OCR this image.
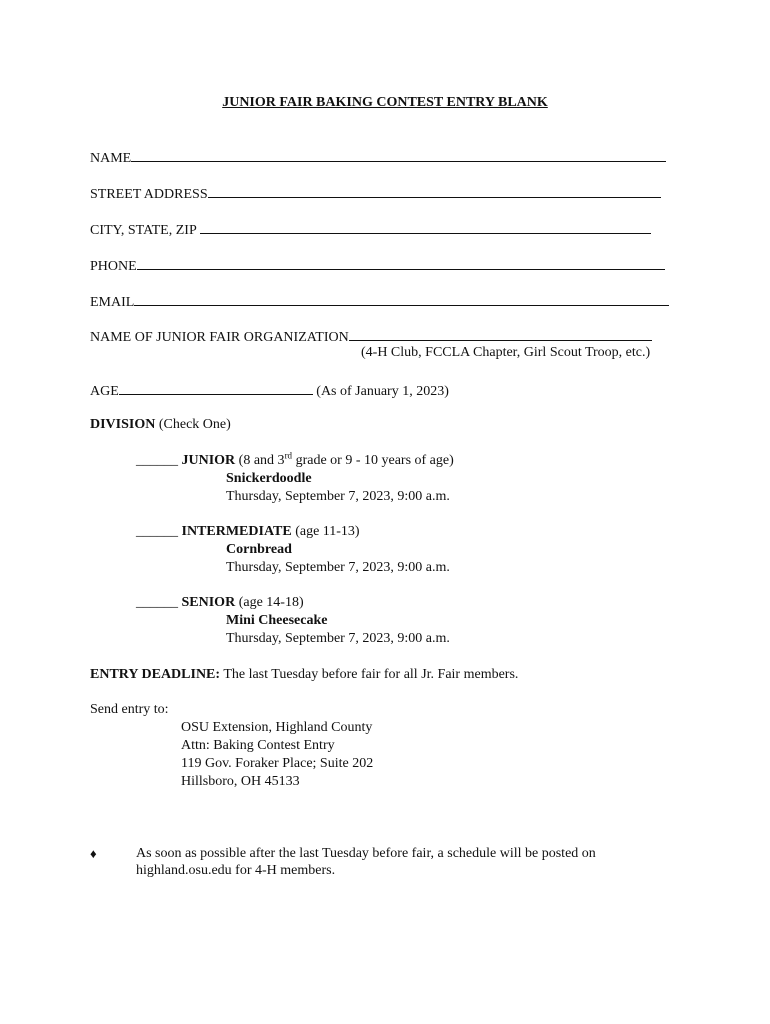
JUNIOR FAIR BAKING CONTEST ENTRY BLANK
NAME
STREET ADDRESS
CITY, STATE, ZIP
PHONE
EMAIL
NAME OF JUNIOR FAIR ORGANIZATION
(4-H Club, FCCLA Chapter, Girl Scout Troop, etc.)
AGE	(As of January 1, 2023)
DIVISION (Check One)
______ JUNIOR (8 and 3rd grade or 9 - 10 years of age)
Snickerdoodle
Thursday, September 7, 2023, 9:00 a.m.
______ INTERMEDIATE (age 11-13)
Cornbread
Thursday, September 7, 2023, 9:00 a.m.
______ SENIOR (age 14-18)
Mini Cheesecake
Thursday, September 7, 2023, 9:00 a.m.
ENTRY DEADLINE: The last Tuesday before fair for all Jr. Fair members.
Send entry to:
OSU Extension, Highland County
Attn: Baking Contest Entry
119 Gov. Foraker Place; Suite 202
Hillsboro, OH 45133
♦	As soon as possible after the last Tuesday before fair, a schedule will be posted on
highland.osu.edu for 4-H members.
